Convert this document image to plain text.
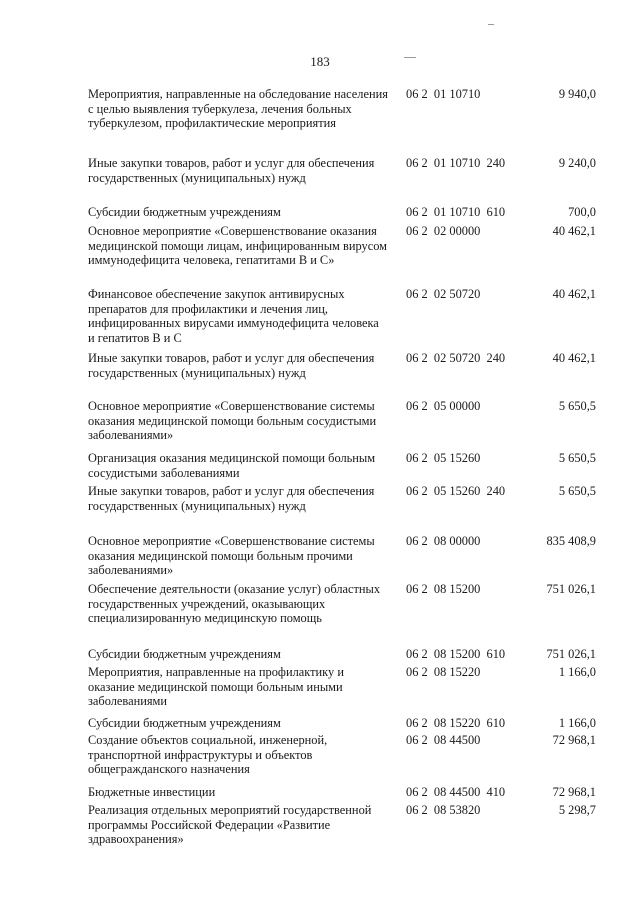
183
Мероприятия, направленные на обследование населения с целью выявления туберкулеза, лечения больных туберкулезом, профилактические мероприятия
06 2  01 10710	9 940,0
Иные закупки товаров, работ и услуг для обеспечения государственных (муниципальных) нужд
06 2  01 10710  240	9 240,0
Субсидии бюджетным учреждениям	06 2  01 10710  610	700,0
Основное мероприятие «Совершенствование оказания медицинской помощи лицам, инфицированным вирусом иммунодефицита человека, гепатитами В и С»
06 2  02 00000	40 462,1
Финансовое обеспечение закупок антивирусных препаратов для профилактики и лечения лиц, инфицированных вирусами иммунодефицита человека и гепатитов В и С
06 2  02 50720	40 462,1
Иные закупки товаров, работ и услуг для обеспечения государственных (муниципальных) нужд
06 2  02 50720  240	40 462,1
Основное мероприятие «Совершенствование системы оказания медицинской помощи больным сосудистыми заболеваниями»
06 2  05 00000	5 650,5
Организация оказания медицинской помощи больным сосудистыми заболеваниями
06 2  05 15260	5 650,5
Иные закупки товаров, работ и услуг для обеспечения государственных (муниципальных) нужд
06 2  05 15260  240	5 650,5
Основное мероприятие «Совершенствование системы оказания медицинской помощи больным прочими заболеваниями»
06 2  08 00000	835 408,9
Обеспечение деятельности (оказание услуг) областных государственных учреждений, оказывающих специализированную медицинскую помощь
06 2  08 15200	751 026,1
Субсидии бюджетным учреждениям	06 2  08 15200  610	751 026,1
Мероприятия, направленные на профилактику и оказание медицинской помощи больным иными заболеваниями
06 2  08 15220	1 166,0
Субсидии бюджетным учреждениям	06 2  08 15220  610	1 166,0
Создание объектов социальной, инженерной, транспортной инфраструктуры и объектов общегражданского назначения
06 2  08 44500	72 968,1
Бюджетные инвестиции	06 2  08 44500  410	72 968,1
Реализация отдельных мероприятий государственной программы Российской Федерации «Развитие здравоохранения»
06 2  08 53820	5 298,7
